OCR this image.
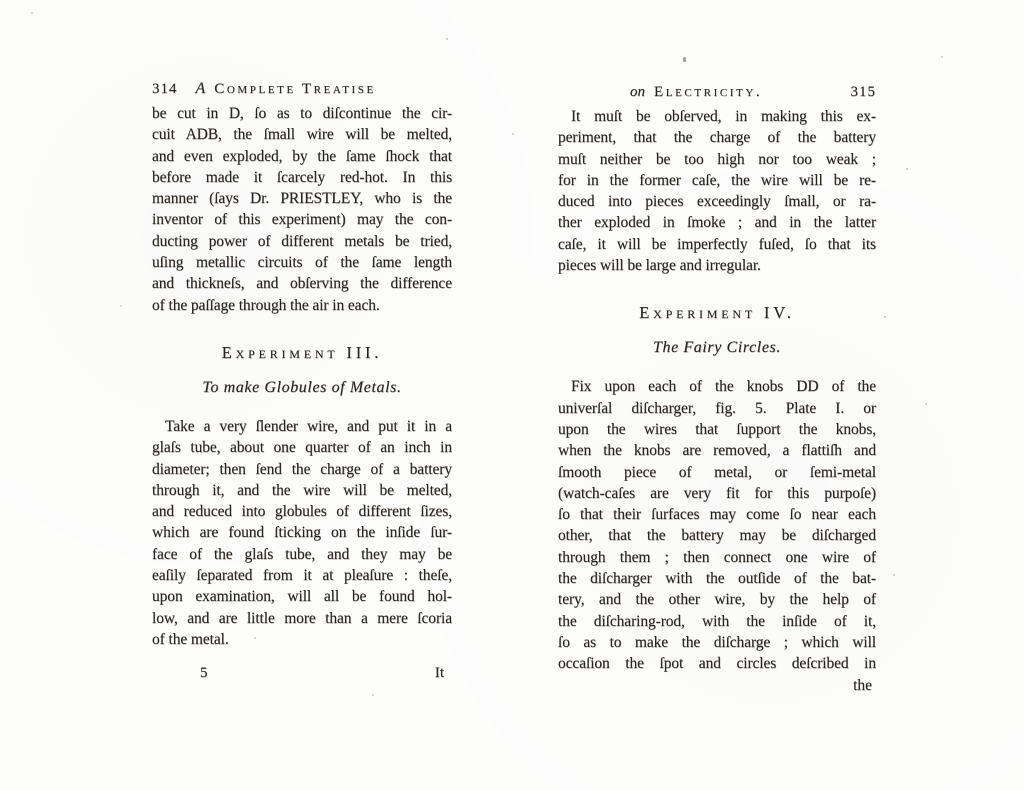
314 A Complete Treatise
be cut in D, ſo as to diſcontinue the cir-
cuit ADB, the ſmall wire will be melted,
and even exploded, by the ſame ſhock that
before made it ſcarcely red-hot. In this
manner (ſays Dr. PRIESTLEY, who is the
inventor of this experiment) may the con-
ducting power of different metals be tried,
uſing metallic circuits of the ſame length
and thickneſs, and obſerving the difference
of the paſſage through the air in each.
Experiment III.
To make Globules of Metals.
Take a very ſlender wire, and put it in a
glaſs tube, about one quarter of an inch in
diameter; then ſend the charge of a battery
through it, and the wire will be melted,
and reduced into globules of different ſizes,
which are found ſticking on the inſide ſur-
face of the glaſs tube, and they may be
eaſily ſeparated from it at pleaſure : theſe,
upon examination, will all be found hol-
low, and are little more than a mere ſcoria
of the metal.
5	It
on Electricity.	315
It muſt be obſerved, in making this ex-
periment, that the charge of the battery
muſt neither be too high nor too weak ;
for in the former caſe, the wire will be re-
duced into pieces exceedingly ſmall, or ra-
ther exploded in ſmoke ; and in the latter
caſe, it will be imperfectly fuſed, ſo that its
pieces will be large and irregular.
Experiment IV.
The Fairy Circles.
Fix upon each of the knobs DD of the
univerſal diſcharger, fig. 5. Plate I. or
upon the wires that ſupport the knobs,
when the knobs are removed, a flattiſh and
ſmooth piece of metal, or ſemi-metal
(watch-caſes are very fit for this purpoſe)
ſo that their ſurfaces may come ſo near each
other, that the battery may be diſcharged
through them ; then connect one wire of
the diſcharger with the outſide of the bat-
tery, and the other wire, by the help of
the diſcharing-rod, with the inſide of it,
ſo as to make the diſcharge ; which will
occaſion the ſpot and circles deſcribed in
the
